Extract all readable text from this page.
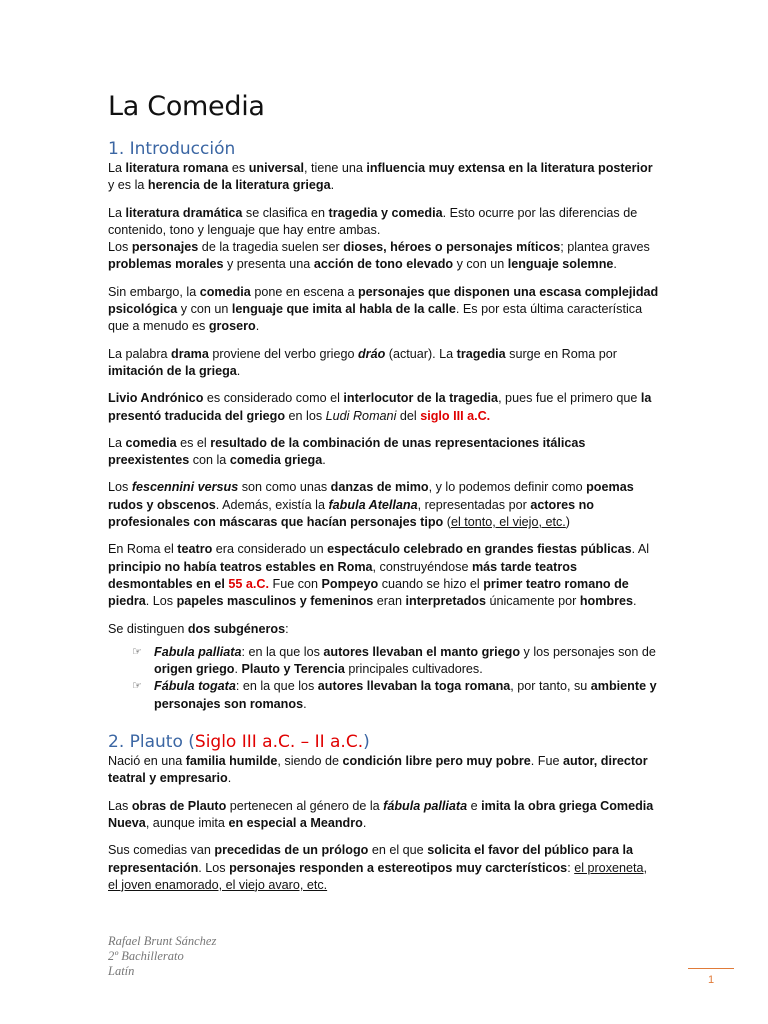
La Comedia
1. Introducción

La literatura romana es universal, tiene una influencia muy extensa en la literatura posterior y es la herencia de la literatura griega.

La literatura dramática se clasifica en tragedia y comedia. Esto ocurre por las diferencias de contenido, tono y lenguaje que hay entre ambas.
Los personajes de la tragedia suelen ser dioses, héroes o personajes míticos; plantea graves problemas morales y presenta una acción de tono elevado y con un lenguaje solemne.

Sin embargo, la comedia pone en escena a personajes que disponen una escasa complejidad psicológica y con un lenguaje que imita al habla de la calle. Es por esta última característica que a menudo es grosero.

La palabra drama proviene del verbo griego dráo (actuar). La tragedia surge en Roma por imitación de la griega.

Livio Andrónico es considerado como el interlocutor de la tragedia, pues fue el primero que la presentó traducida del griego en los Ludi Romani del siglo III a.C.

La comedia es el resultado de la combinación de unas representaciones itálicas preexistentes con la comedia griega.

Los fescennini versus son como unas danzas de mimo, y lo podemos definir como poemas rudos y obscenos. Además, existía la fabula Atellana, representadas por actores no profesionales con máscaras que hacían personajes tipo (el tonto, el viejo, etc.)

En Roma el teatro era considerado un espectáculo celebrado en grandes fiestas públicas. Al principio no había teatros estables en Roma, construyéndose más tarde teatros desmontables en el 55 a.C. Fue con Pompeyo cuando se hizo el primer teatro romano de piedra. Los papeles masculinos y femeninos eran interpretados únicamente por hombres.

Se distinguen dos subgéneros:

☞ Fabula palliata: en la que los autores llevaban el manto griego y los personajes son de origen griego. Plauto y Terencia principales cultivadores.
☞ Fábula togata: en la que los autores llevaban la toga romana, por tanto, su ambiente y personajes son romanos.
2. Plauto (Siglo III a.C. – II a.C.)

Nació en una familia humilde, siendo de condición libre pero muy pobre. Fue autor, director teatral y empresario.

Las obras de Plauto pertenecen al género de la fábula palliata e imita la obra griega Comedia Nueva, aunque imita en especial a Meandro.

Sus comedias van precedidas de un prólogo en el que solicita el favor del público para la representación. Los personajes responden a estereotipos muy carcterísticos: el proxeneta, el joven enamorado, el viejo avaro, etc.

Rafael Brunt Sánchez
2º Bachillerato
Latín
1
